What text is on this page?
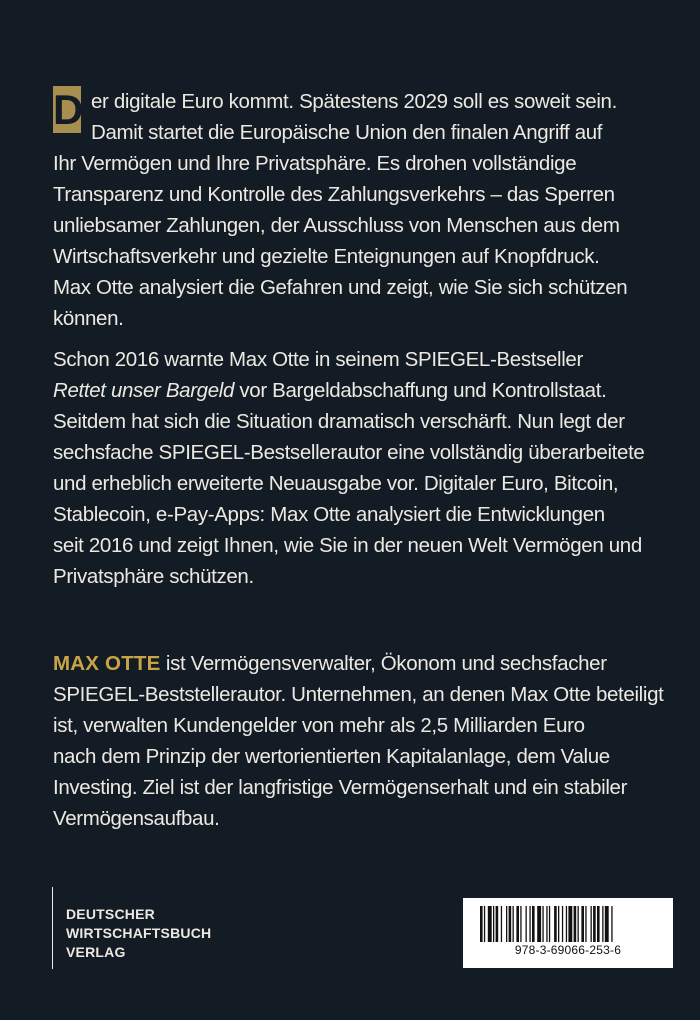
D er digitale Euro kommt. Spätestens 2029 soll es soweit sein.
Damit startet die Europäische Union den finalen Angriff auf
Ihr Vermögen und Ihre Privatsphäre. Es drohen vollständige
Transparenz und Kontrolle des Zahlungsverkehrs – das Sperren
unliebsamer Zahlungen, der Ausschluss von Menschen aus dem
Wirtschaftsverkehr und gezielte Enteignungen auf Knopfdruck.
Max Otte analysiert die Gefahren und zeigt, wie Sie sich schützen
können.
Schon 2016 warnte Max Otte in seinem SPIEGEL-Bestseller
Rettet unser Bargeld vor Bargeldabschaffung und Kontrollstaat.
Seitdem hat sich die Situation dramatisch verschärft. Nun legt der
sechsfache SPIEGEL-Bestsellerautor eine vollständig überarbeitete
und erheblich erweiterte Neuausgabe vor. Digitaler Euro, Bitcoin,
Stablecoin, e-Pay-Apps: Max Otte analysiert die Entwicklungen
seit 2016 und zeigt Ihnen, wie Sie in der neuen Welt Vermögen und
Privatsphäre schützen.
MAX OTTE ist Vermögensverwalter, Ökonom und sechsfacher
SPIEGEL-Beststellerautor. Unternehmen, an denen Max Otte beteiligt
ist, verwalten Kundengelder von mehr als 2,5 Milliarden Euro
nach dem Prinzip der wertorientierten Kapitalanlage, dem Value
Investing. Ziel ist der langfristige Vermögenserhalt und ein stabiler
Vermögensaufbau.
DEUTSCHER
WIRTSCHAFTSBUCH
VERLAG	978-3-69066-253-6
